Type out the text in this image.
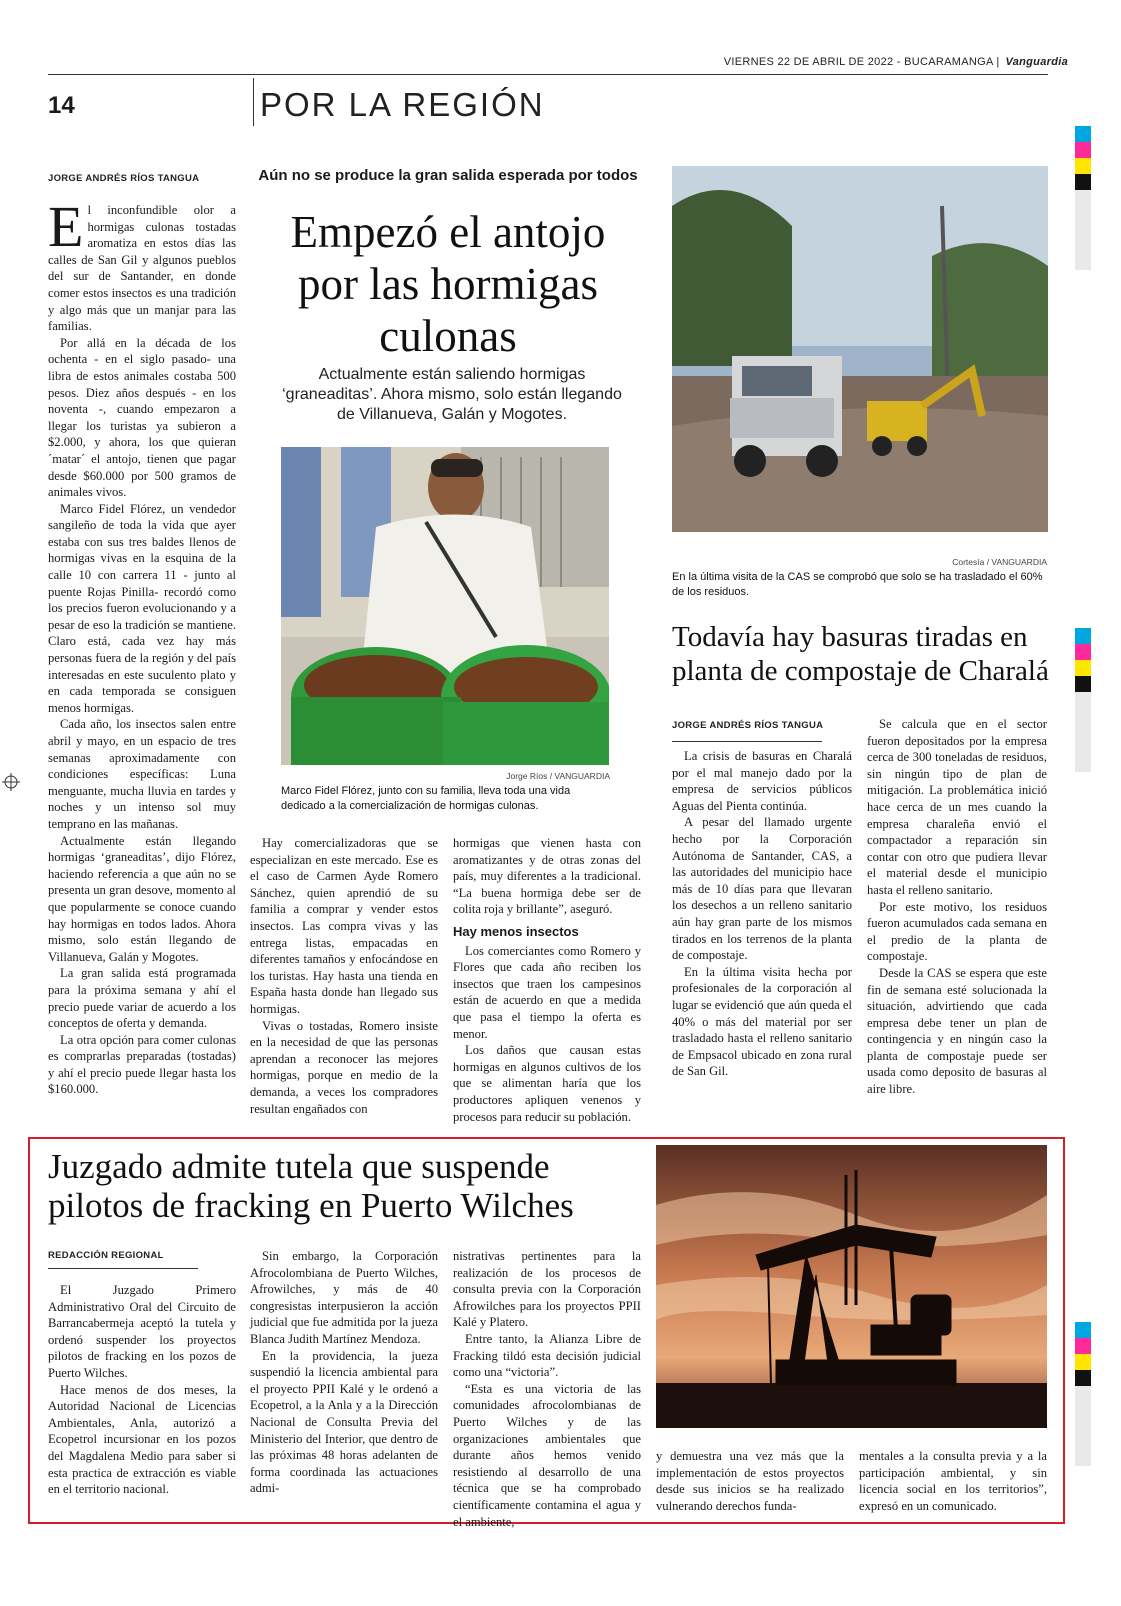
VIERNES 22 DE ABRIL DE 2022 - BUCARAMANGA | Vanguardia
14	POR LA REGIÓN
JORGE ANDRÉS RÍOS TANGUA

El inconfundible olor a hormigas culonas tostadas aromatiza en estos días las calles de San Gil y algunos pueblos del sur de Santander, en donde comer estos insectos es una tradición y algo más que un manjar para las familias.

Por allá en la década de los ochenta - en el siglo pasado- una libra de estos animales costaba 500 pesos. Diez años después - en los noventa -, cuando empezaron a llegar los turistas ya subieron a $2.000, y ahora, los que quieran ´matar´ el antojo, tienen que pagar desde $60.000 por 500 gramos de animales vivos.

Marco Fidel Flórez, un vendedor sangileño de toda la vida que ayer estaba con sus tres baldes llenos de hormigas vivas en la esquina de la calle 10 con carrera 11 - junto al puente Rojas Pinilla- recordó como los precios fueron evolucionando y a pesar de eso la tradición se mantiene. Claro está, cada vez hay más personas fuera de la región y del país interesadas en este suculento plato y en cada temporada se consiguen menos hormigas.

Cada año, los insectos salen entre abril y mayo, en un espacio de tres semanas aproximadamente con condiciones específicas: Luna menguante, mucha lluvia en tardes y noches y un intenso sol muy temprano en las mañanas.

Actualmente están llegando hormigas ‘graneaditas’, dijo Flórez, haciendo referencia a que aún no se presenta un gran desove, momento al que popularmente se conoce cuando hay hormigas en todos lados. Ahora mismo, solo están llegando de Villanueva, Galán y Mogotes.

La gran salida está programada para la próxima semana y ahí el precio puede variar de acuerdo a los conceptos de oferta y demanda.

La otra opción para comer culonas es comprarlas preparadas (tostadas) y ahí el precio puede llegar hasta los $160.000.

Aún no se produce la gran salida esperada por todos
Empezó el antojo por las hormigas culonas
Actualmente están saliendo hormigas ‘graneaditas’. Ahora mismo, solo están llegando de Villanueva, Galán y Mogotes.
Jorge Ríos / VANGUARDIA
Marco Fidel Flórez, junto con su familia, lleva toda una vida dedicado a la comercialización de hormigas culonas.

Hay comercializadoras que se especializan en este mercado. Ese es el caso de Carmen Ayde Romero Sánchez, quien aprendió de su familia a comprar y vender estos insectos. Las compra vivas y las entrega listas, empacadas en diferentes tamaños y enfocándose en los turistas. Hay hasta una tienda en España hasta donde han llegado sus hormigas.

Vivas o tostadas, Romero insiste en la necesidad de que las personas aprendan a reconocer las mejores hormigas, porque en medio de la demanda, a veces los compradores resultan engañados con

hormigas que vienen hasta con aromatizantes y de otras zonas del país, muy diferentes a la tradicional. “La buena hormiga debe ser de colita roja y brillante”, aseguró.

Hay menos insectos

Los comerciantes como Romero y Flores que cada año reciben los insectos que traen los campesinos están de acuerdo en que a medida que pasa el tiempo la oferta es menor.

Los daños que causan estas hormigas en algunos cultivos de los que se alimentan haría que los productores apliquen venenos y procesos para reducir su población.

Cortesía / VANGUARDIA
En la última visita de la CAS se comprobó que solo se ha trasladado el 60% de los residuos.
Todavía hay basuras tiradas en planta de compostaje de Charalá
JORGE ANDRÉS RÍOS TANGUA

La crisis de basuras en Charalá por el mal manejo dado por la empresa de servicios públicos Aguas del Pienta continúa.

A pesar del llamado urgente hecho por la Corporación Autónoma de Santander, CAS, a las autoridades del municipio hace más de 10 días para que llevaran los desechos a un relleno sanitario aún hay gran parte de los mismos tirados en los terrenos de la planta de compostaje.

En la última visita hecha por profesionales de la corporación al lugar se evidenció que aún queda el 40% o más del material por ser trasladado hasta el relleno sanitario de Empsacol ubicado en zona rural de San Gil.

Se calcula que en el sector fueron depositados por la empresa cerca de 300 toneladas de residuos, sin ningún tipo de plan de mitigación. La problemática inició hace cerca de un mes cuando la empresa charaleña envió el compactador a reparación sin contar con otro que pudiera llevar el material desde el municipio hasta el relleno sanitario.

Por este motivo, los residuos fueron acumulados cada semana en el predio de la planta de compostaje.

Desde la CAS se espera que este fin de semana esté solucionada la situación, advirtiendo que cada empresa debe tener un plan de contingencia y en ningún caso la planta de compostaje puede ser usada como deposito de basuras al aire libre.

Juzgado admite tutela que suspende pilotos de fracking en Puerto Wilches
REDACCIÓN REGIONAL

El Juzgado Primero Administrativo Oral del Circuito de Barrancabermeja aceptó la tutela y ordenó suspender los proyectos pilotos de fracking en los pozos de Puerto Wilches.

Hace menos de dos meses, la Autoridad Nacional de Licencias Ambientales, Anla, autorizó a Ecopetrol incursionar en los pozos del Magdalena Medio para saber si esta practica de extracción es viable en el territorio nacional.

Sin embargo, la Corporación Afrocolombiana de Puerto Wilches, Afrowilches, y más de 40 congresistas interpusieron la acción judicial que fue admitida por la jueza Blanca Judith Martínez Mendoza.

En la providencia, la jueza suspendió la licencia ambiental para el proyecto PPII Kalé y le ordenó a Ecopetrol, a la Anla y a la Dirección Nacional de Consulta Previa del Ministerio del Interior, que dentro de las próximas 48 horas adelanten de forma coordinada las actuaciones admi-

nistrativas pertinentes para la realización de los procesos de consulta previa con la Corporación Afrowilches para los proyectos PPII Kalé y Platero.

Entre tanto, la Alianza Libre de Fracking tildó esta decisión judicial como una “victoria”.

“Esta es una victoria de las comunidades afrocolombianas de Puerto Wilches y de las organizaciones ambientales que durante años hemos venido resistiendo al desarrollo de una técnica que se ha comprobado científicamente contamina el agua y el ambiente,

y demuestra una vez más que la implementación de estos proyectos desde sus inicios se ha realizado vulnerando derechos funda-

mentales a la consulta previa y a la participación ambiental, y sin licencia social en los territorios”, expresó en un comunicado.
